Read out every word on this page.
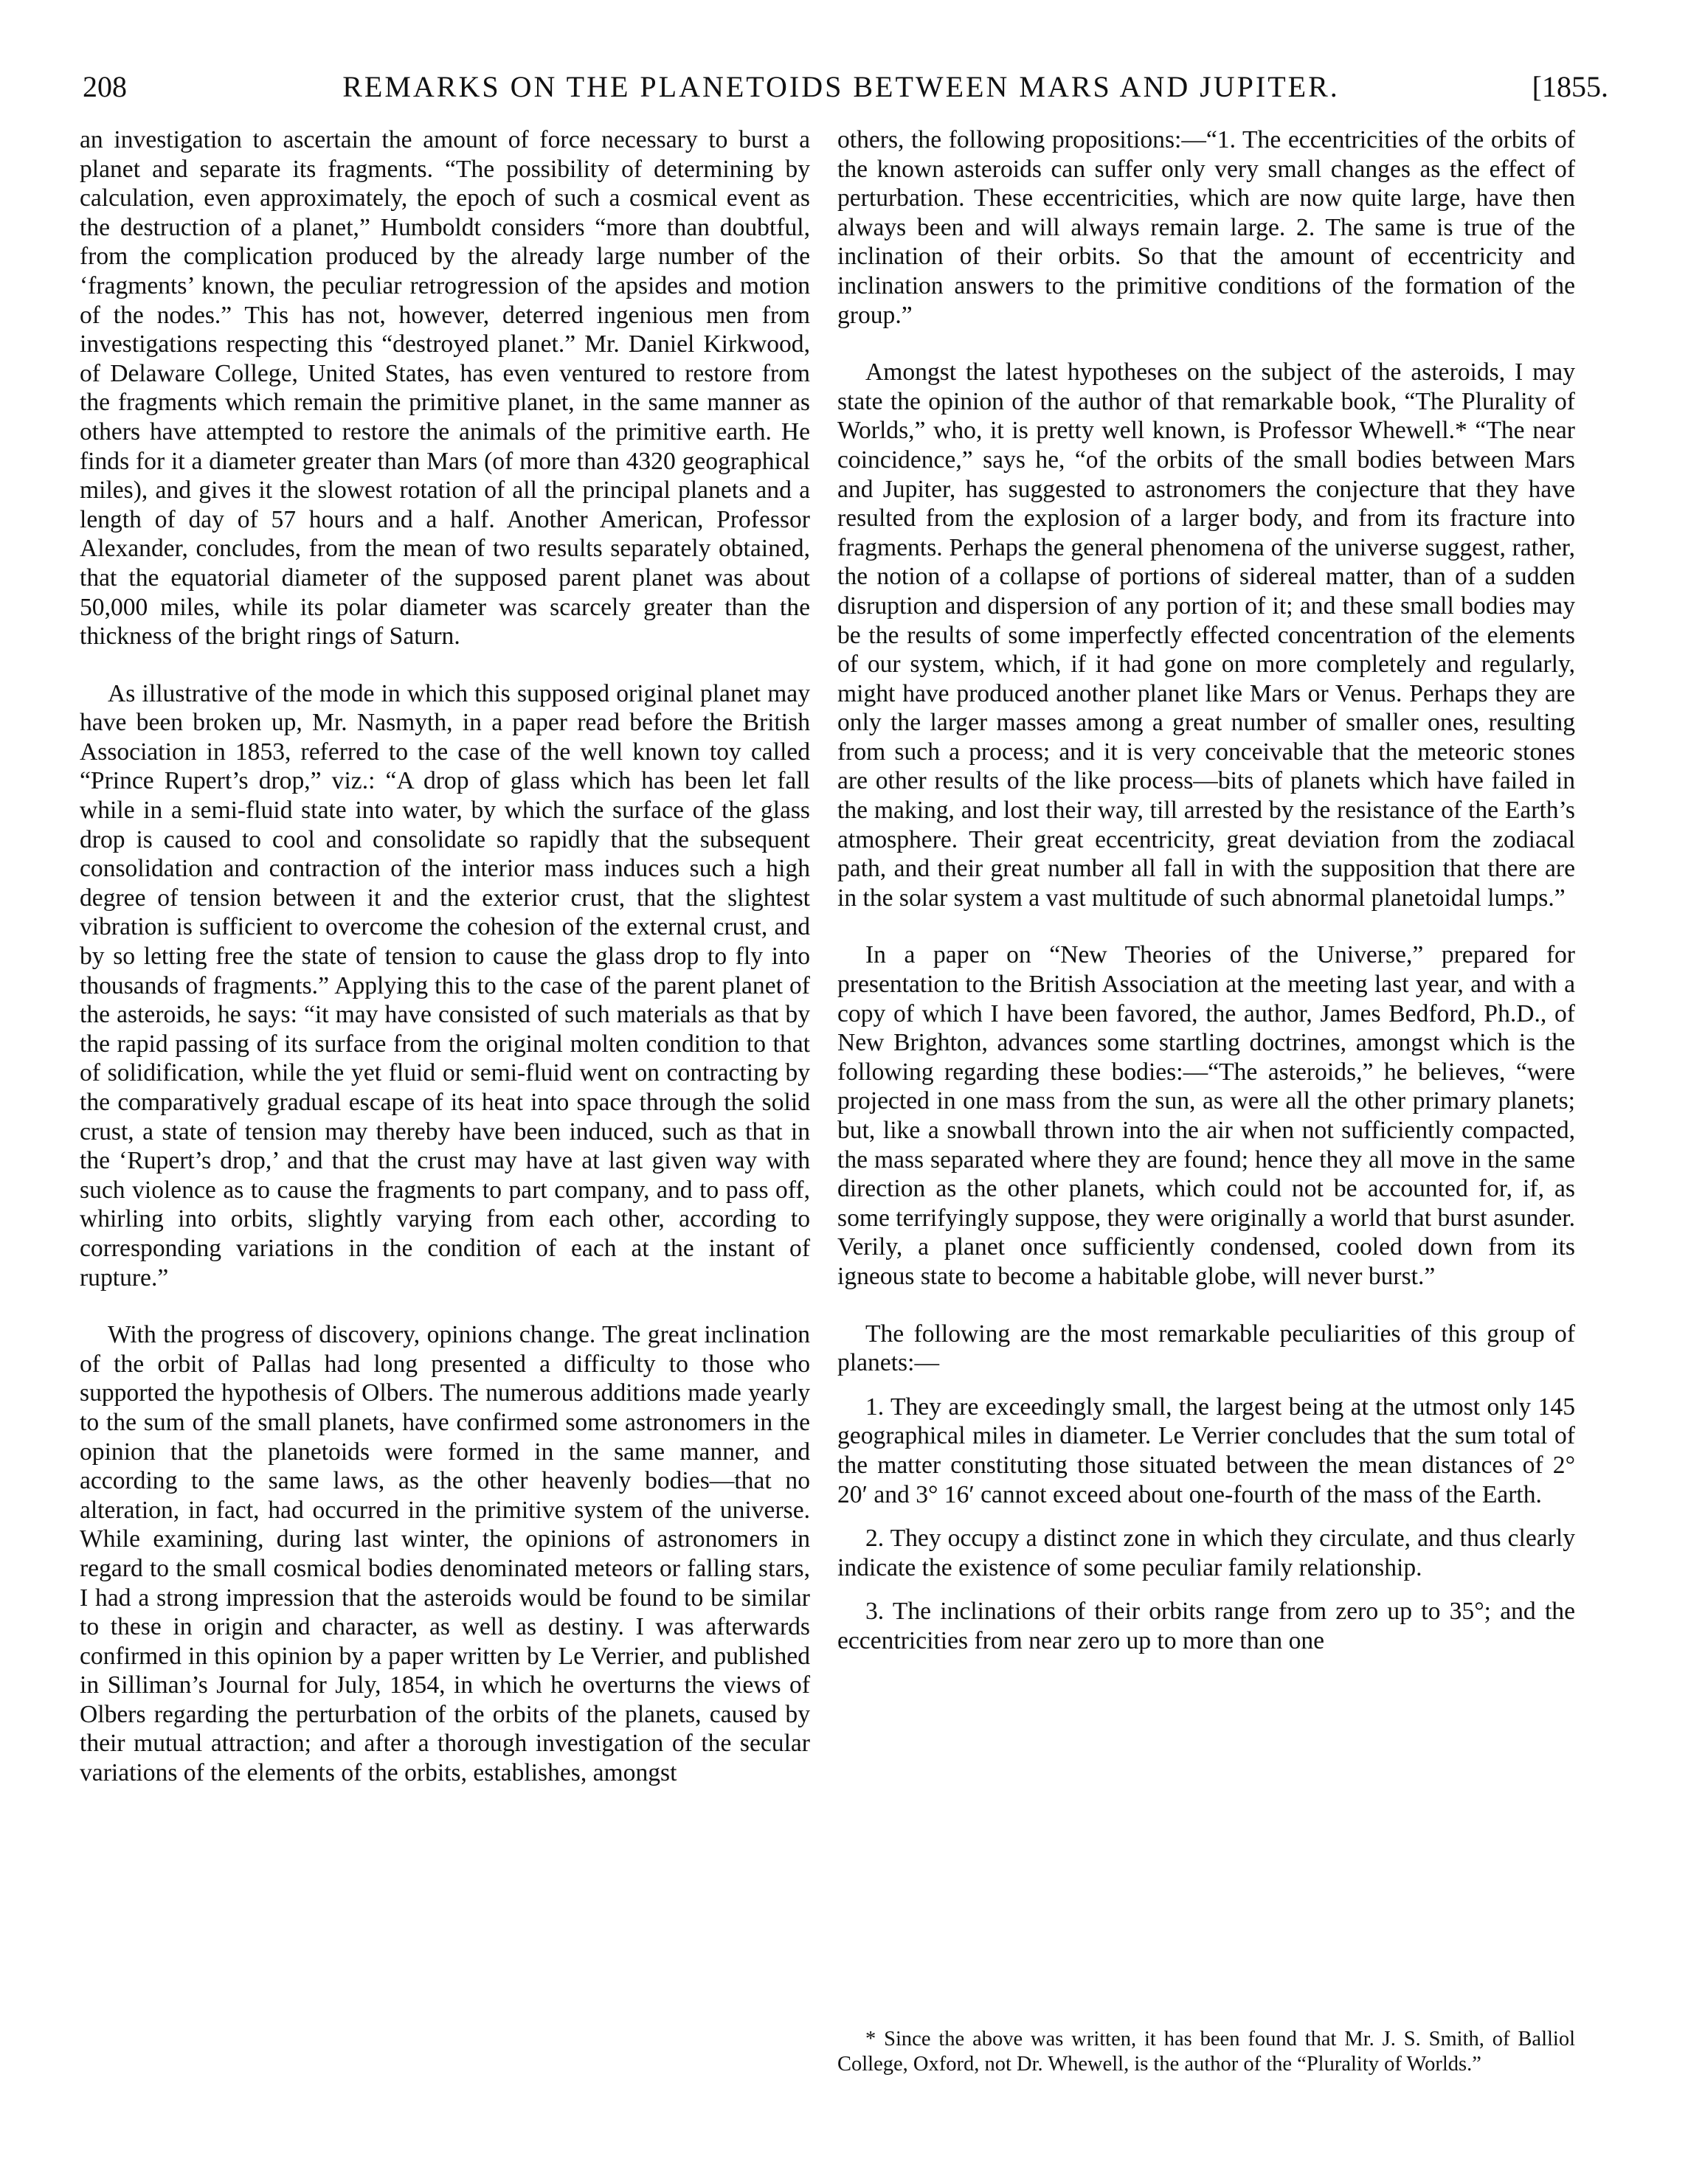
208	REMARKS ON THE PLANETOIDS BETWEEN MARS AND JUPITER.	[1855.

an investigation to ascertain the amount of force necessary to burst a planet and separate its fragments. “The possibility of determining by calculation, even approximately, the epoch of such a cosmical event as the destruction of a planet,” Humboldt considers “more than doubtful, from the complication produced by the already large number of the ‘fragments’ known, the peculiar retrogression of the apsides and motion of the nodes.” This has not, however, deterred ingenious men from investigations respecting this “destroyed planet.” Mr. Daniel Kirkwood, of Delaware College, United States, has even ventured to restore from the fragments which remain the primitive planet, in the same manner as others have attempted to restore the animals of the primitive earth. He finds for it a diameter greater than Mars (of more than 4320 geographical miles), and gives it the slowest rotation of all the principal planets and a length of day of 57 hours and a half. Another American, Professor Alexander, concludes, from the mean of two results separately obtained, that the equatorial diameter of the supposed parent planet was about 50,000 miles, while its polar diameter was scarcely greater than the thickness of the bright rings of Saturn.

As illustrative of the mode in which this supposed original planet may have been broken up, Mr. Nasmyth, in a paper read before the British Association in 1853, referred to the case of the well known toy called “Prince Rupert’s drop,” viz.: “A drop of glass which has been let fall while in a semi-fluid state into water, by which the surface of the glass drop is caused to cool and consolidate so rapidly that the subsequent consolidation and contraction of the interior mass induces such a high degree of tension between it and the exterior crust, that the slightest vibration is sufficient to overcome the cohesion of the external crust, and by so letting free the state of tension to cause the glass drop to fly into thousands of fragments.” Applying this to the case of the parent planet of the asteroids, he says: “it may have consisted of such materials as that by the rapid passing of its surface from the original molten condition to that of solidification, while the yet fluid or semi-fluid went on contracting by the comparatively gradual escape of its heat into space through the solid crust, a state of tension may thereby have been induced, such as that in the ‘Rupert’s drop,’ and that the crust may have at last given way with such violence as to cause the fragments to part company, and to pass off, whirling into orbits, slightly varying from each other, according to corresponding variations in the condition of each at the instant of rupture.”

With the progress of discovery, opinions change. The great inclination of the orbit of Pallas had long presented a difficulty to those who supported the hypothesis of Olbers. The numerous additions made yearly to the sum of the small planets, have confirmed some astronomers in the opinion that the planetoids were formed in the same manner, and according to the same laws, as the other heavenly bodies—that no alteration, in fact, had occurred in the primitive system of the universe. While examining, during last winter, the opinions of astronomers in regard to the small cosmical bodies denominated meteors or falling stars, I had a strong impression that the asteroids would be found to be similar to these in origin and character, as well as destiny. I was afterwards confirmed in this opinion by a paper written by Le Verrier, and published in Silliman’s Journal for July, 1854, in which he overturns the views of Olbers regarding the perturbation of the orbits of the planets, caused by their mutual attraction; and after a thorough investigation of the secular variations of the elements of the orbits, establishes, amongst

others, the following propositions:—“1. The eccentricities of the orbits of the known asteroids can suffer only very small changes as the effect of perturbation. These eccentricities, which are now quite large, have then always been and will always remain large. 2. The same is true of the inclination of their orbits. So that the amount of eccentricity and inclination answers to the primitive conditions of the formation of the group.”

Amongst the latest hypotheses on the subject of the asteroids, I may state the opinion of the author of that remarkable book, “The Plurality of Worlds,” who, it is pretty well known, is Professor Whewell.* “The near coincidence,” says he, “of the orbits of the small bodies between Mars and Jupiter, has suggested to astronomers the conjecture that they have resulted from the explosion of a larger body, and from its fracture into fragments. Perhaps the general phenomena of the universe suggest, rather, the notion of a collapse of portions of sidereal matter, than of a sudden disruption and dispersion of any portion of it; and these small bodies may be the results of some imperfectly effected concentration of the elements of our system, which, if it had gone on more completely and regularly, might have produced another planet like Mars or Venus. Perhaps they are only the larger masses among a great number of smaller ones, resulting from such a process; and it is very conceivable that the meteoric stones are other results of the like process—bits of planets which have failed in the making, and lost their way, till arrested by the resistance of the Earth’s atmosphere. Their great eccentricity, great deviation from the zodiacal path, and their great number all fall in with the supposition that there are in the solar system a vast multitude of such abnormal planetoidal lumps.”

In a paper on “New Theories of the Universe,” prepared for presentation to the British Association at the meeting last year, and with a copy of which I have been favored, the author, James Bedford, Ph.D., of New Brighton, advances some startling doctrines, amongst which is the following regarding these bodies:—“The asteroids,” he believes, “were projected in one mass from the sun, as were all the other primary planets; but, like a snowball thrown into the air when not sufficiently compacted, the mass separated where they are found; hence they all move in the same direction as the other planets, which could not be accounted for, if, as some terrifyingly suppose, they were originally a world that burst asunder. Verily, a planet once sufficiently condensed, cooled down from its igneous state to become a habitable globe, will never burst.”

The following are the most remarkable peculiarities of this group of planets:—

1. They are exceedingly small, the largest being at the utmost only 145 geographical miles in diameter. Le Verrier concludes that the sum total of the matter constituting those situated between the mean distances of 2° 20′ and 3° 16′ cannot exceed about one-fourth of the mass of the Earth.

2. They occupy a distinct zone in which they circulate, and thus clearly indicate the existence of some peculiar family relationship.

3. The inclinations of their orbits range from zero up to 35°; and the eccentricities from near zero up to more than one

* Since the above was written, it has been found that Mr. J. S. Smith, of Balliol College, Oxford, not Dr. Whewell, is the author of the “Plurality of Worlds.”
